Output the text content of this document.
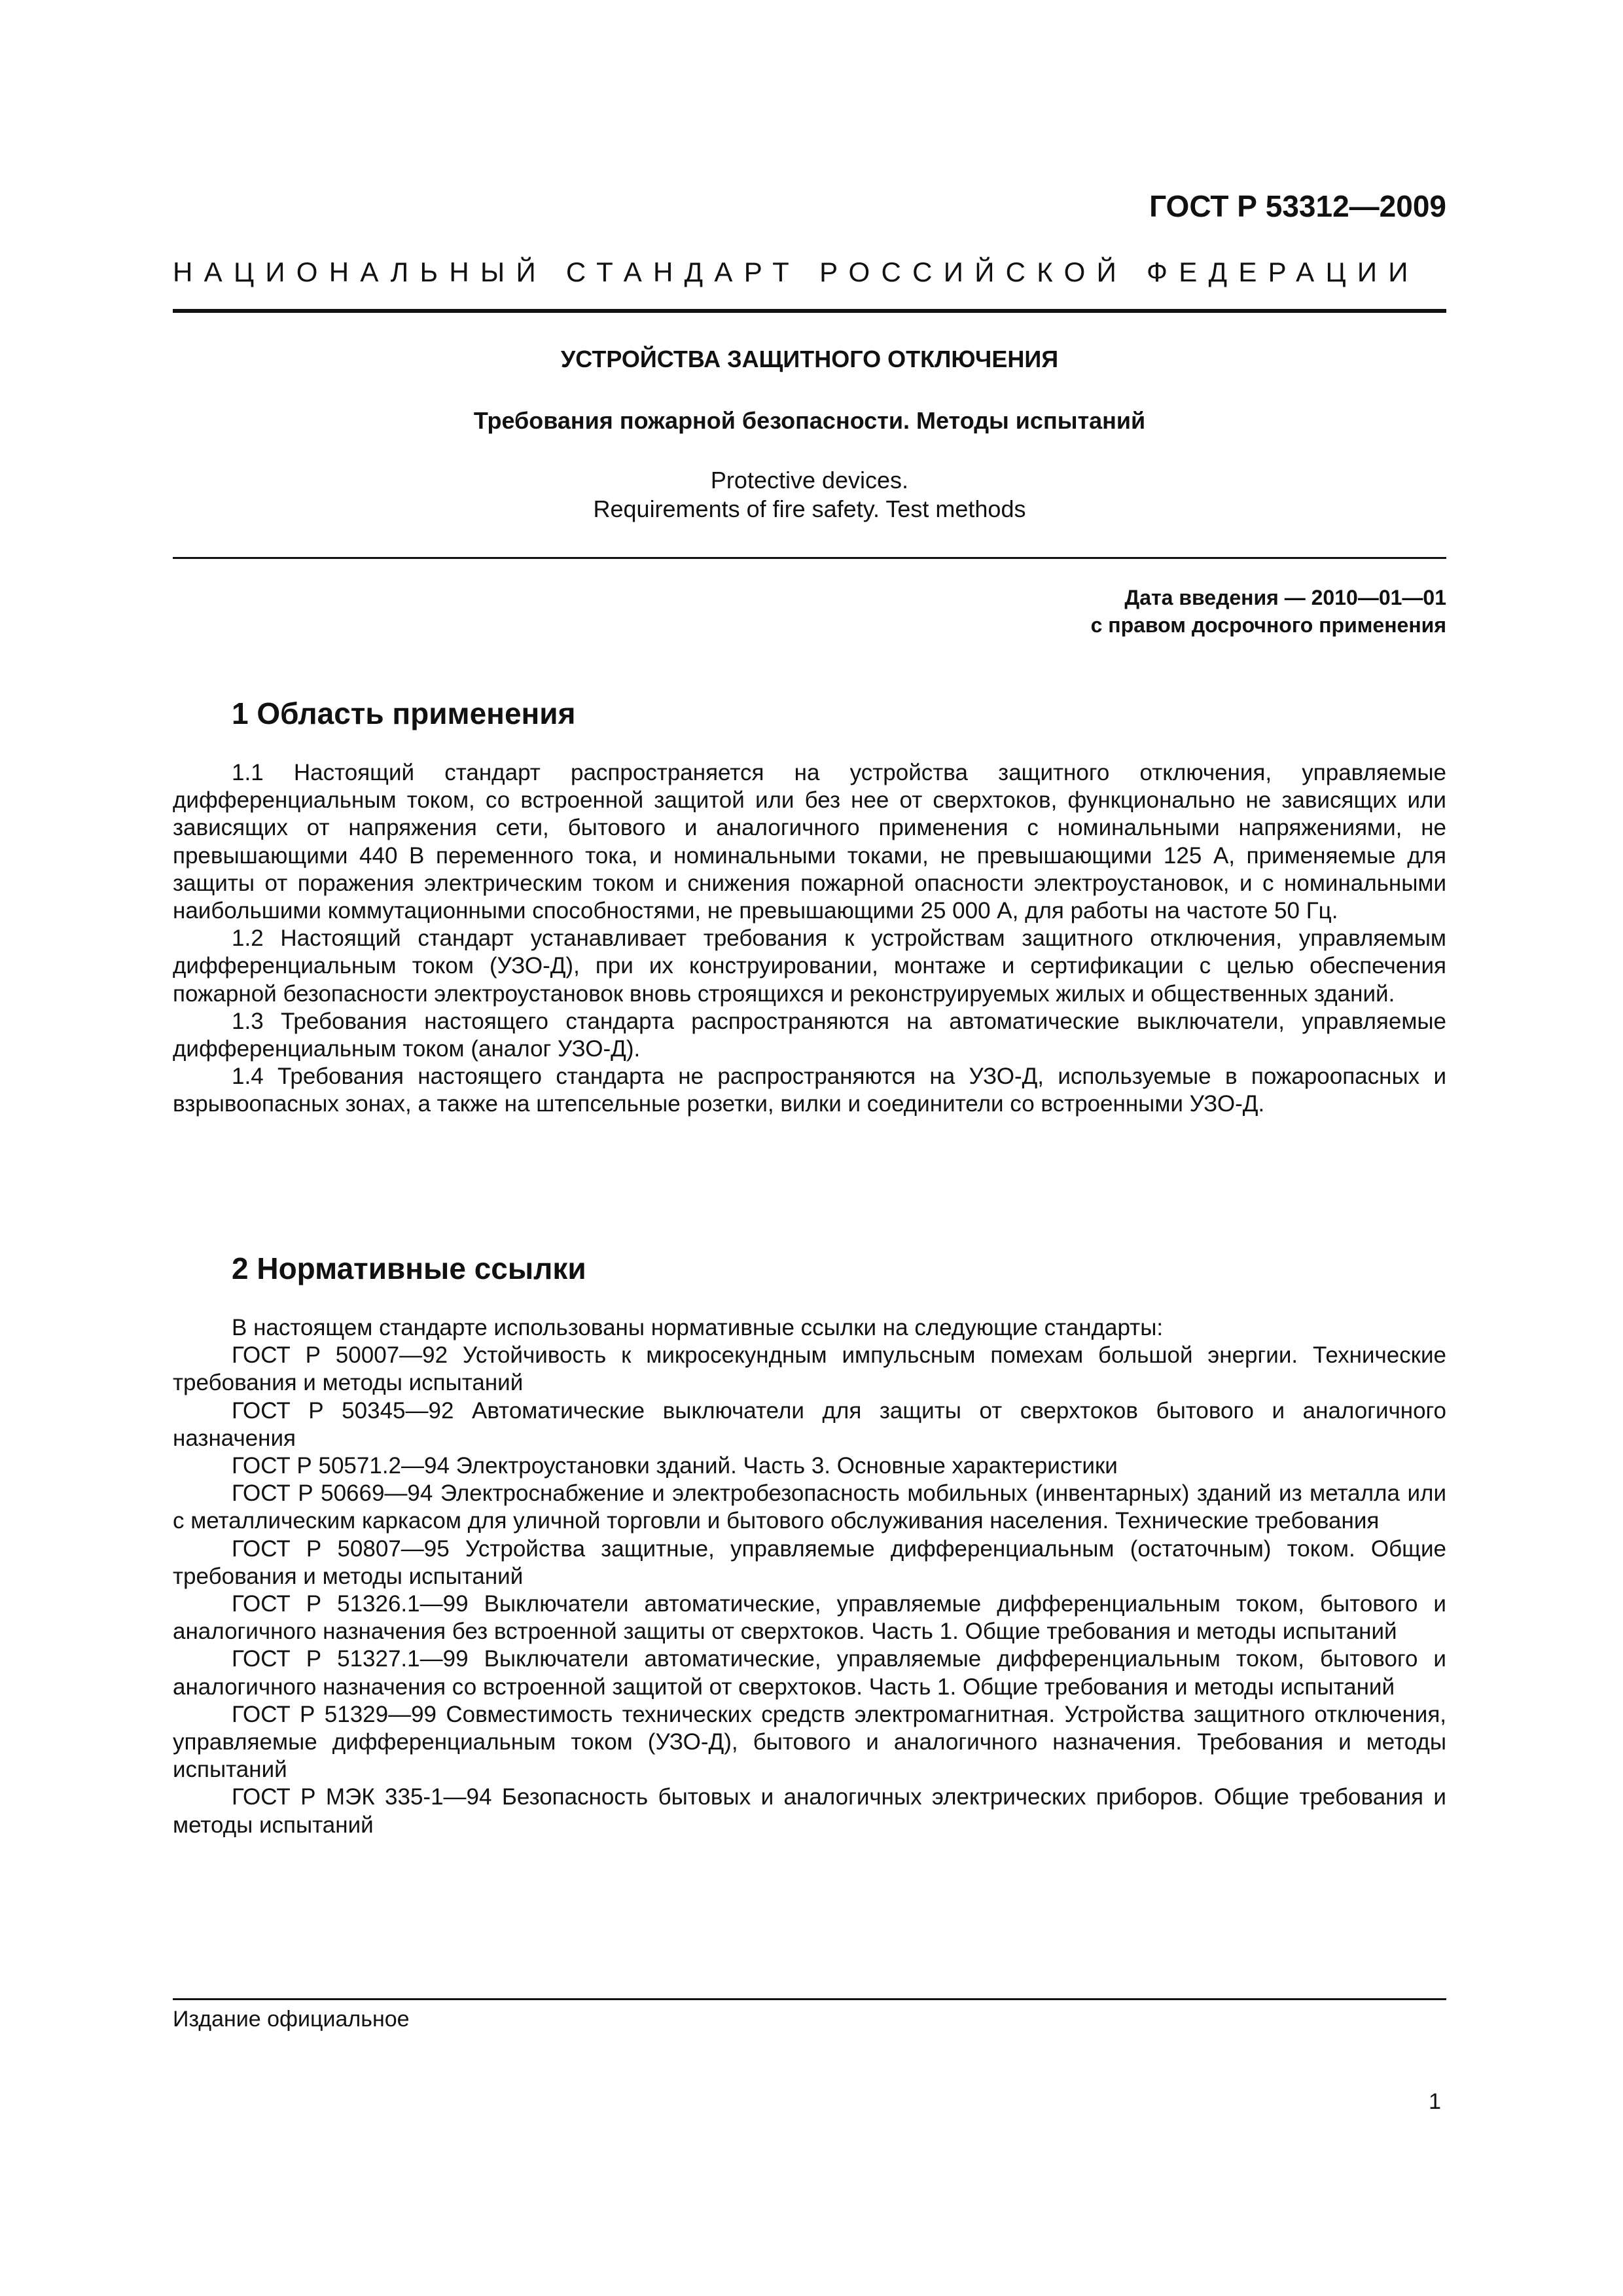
ГОСТ Р 53312—2009
НАЦИОНАЛЬНЫЙ СТАНДАРТ РОССИЙСКОЙ ФЕДЕРАЦИИ
УСТРОЙСТВА ЗАЩИТНОГО ОТКЛЮЧЕНИЯ
Требования пожарной безопасности. Методы испытаний
Protective devices.
Requirements of fire safety. Test methods
Дата введения — 2010—01—01
с правом досрочного применения
1 Область применения

1.1 Настоящий стандарт распространяется на устройства защитного отключения, управляемые дифференциальным током, со встроенной защитой или без нее от сверхтоков, функционально не зависящих или зависящих от напряжения сети, бытового и аналогичного применения с номинальными напряжениями, не превышающими 440 В переменного тока, и номинальными токами, не превышающими 125 А, применяемые для защиты от поражения электрическим током и снижения пожарной опасности электроустановок, и с номинальными наибольшими коммутационными способностями, не превышающими 25 000 А, для работы на частоте 50 Гц.

1.2 Настоящий стандарт устанавливает требования к устройствам защитного отключения, управляемым дифференциальным током (УЗО-Д), при их конструировании, монтаже и сертификации с целью обеспечения пожарной безопасности электроустановок вновь строящихся и реконструируемых жилых и общественных зданий.

1.3 Требования настоящего стандарта распространяются на автоматические выключатели, управляемые дифференциальным током (аналог УЗО-Д).

1.4 Требования настоящего стандарта не распространяются на УЗО-Д, используемые в пожароопасных и взрывоопасных зонах, а также на штепсельные розетки, вилки и соединители со встроенными УЗО-Д.

2 Нормативные ссылки

В настоящем стандарте использованы нормативные ссылки на следующие стандарты:

ГОСТ Р 50007—92 Устойчивость к микросекундным импульсным помехам большой энергии. Технические требования и методы испытаний

ГОСТ Р 50345—92 Автоматические выключатели для защиты от сверхтоков бытового и аналогичного назначения

ГОСТ Р 50571.2—94 Электроустановки зданий. Часть 3. Основные характеристики

ГОСТ Р 50669—94 Электроснабжение и электробезопасность мобильных (инвентарных) зданий из металла или с металлическим каркасом для уличной торговли и бытового обслуживания населения. Технические требования

ГОСТ Р 50807—95 Устройства защитные, управляемые дифференциальным (остаточным) током. Общие требования и методы испытаний

ГОСТ Р 51326.1—99 Выключатели автоматические, управляемые дифференциальным током, бытового и аналогичного назначения без встроенной защиты от сверхтоков. Часть 1. Общие требования и методы испытаний

ГОСТ Р 51327.1—99 Выключатели автоматические, управляемые дифференциальным током, бытового и аналогичного назначения со встроенной защитой от сверхтоков. Часть 1. Общие требования и методы испытаний

ГОСТ Р 51329—99 Совместимость технических средств электромагнитная. Устройства защитного отключения, управляемые дифференциальным током (УЗО-Д), бытового и аналогичного назначения. Требования и методы испытаний

ГОСТ Р МЭК 335-1—94 Безопасность бытовых и аналогичных электрических приборов. Общие требования и методы испытаний

Издание официальное
1
